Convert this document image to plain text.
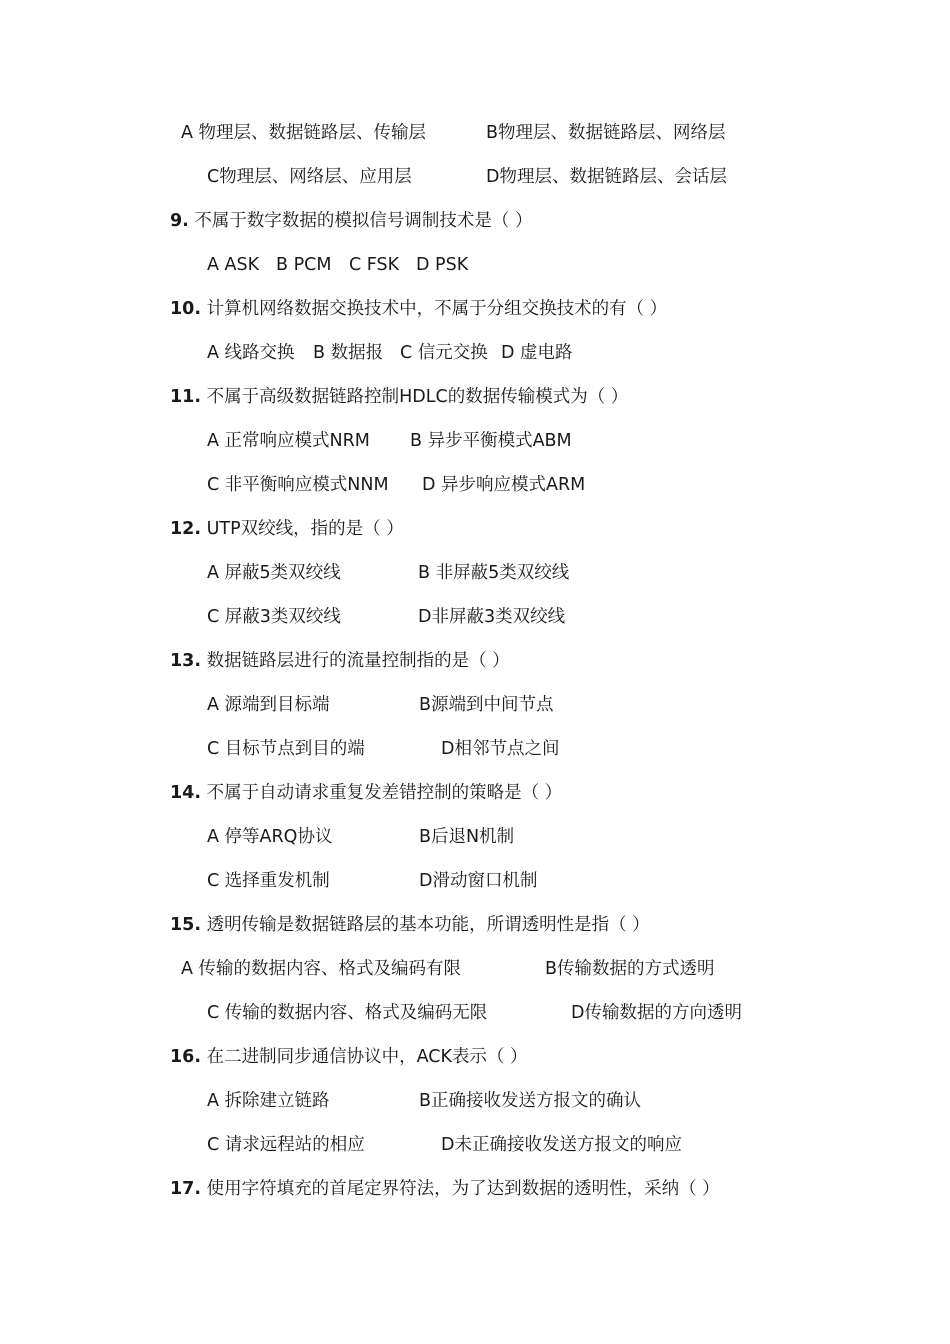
A 物理层、数据链路层、传输层	B物理层、数据链路层、网络层
C物理层、网络层、应用层	D物理层、数据链路层、会话层
9. 不属于数字数据的模拟信号调制技术是（ ）
A ASK B PCM C FSK D PSK
10. 计算机网络数据交换技术中，不属于分组交换技术的有（ ）
A 线路交换 B 数据报 C 信元交换 D 虚电路
11. 不属于高级数据链路控制HDLC的数据传输模式为（ ）
A 正常响应模式NRM B 异步平衡模式ABM
C 非平衡响应模式NNM D 异步响应模式ARM
12. UTP双绞线，指的是（ ）
A 屏蔽5类双绞线	B 非屏蔽5类双绞线
C 屏蔽3类双绞线	D非屏蔽3类双绞线
13. 数据链路层进行的流量控制指的是（ ）
A 源端到目标端	B源端到中间节点
C 目标节点到目的端	D相邻节点之间
14. 不属于自动请求重复发差错控制的策略是（ ）
A 停等ARQ协议	B后退N机制
C 选择重发机制	D滑动窗口机制
15. 透明传输是数据链路层的基本功能，所谓透明性是指（ ）
A 传输的数据内容、格式及编码有限	B传输数据的方式透明
C 传输的数据内容、格式及编码无限	D传输数据的方向透明
16. 在二进制同步通信协议中，ACK表示（ ）
A 拆除建立链路	B正确接收发送方报文的确认
C 请求远程站的相应	D未正确接收发送方报文的响应
17. 使用字符填充的首尾定界符法，为了达到数据的透明性，采纳（ ）
